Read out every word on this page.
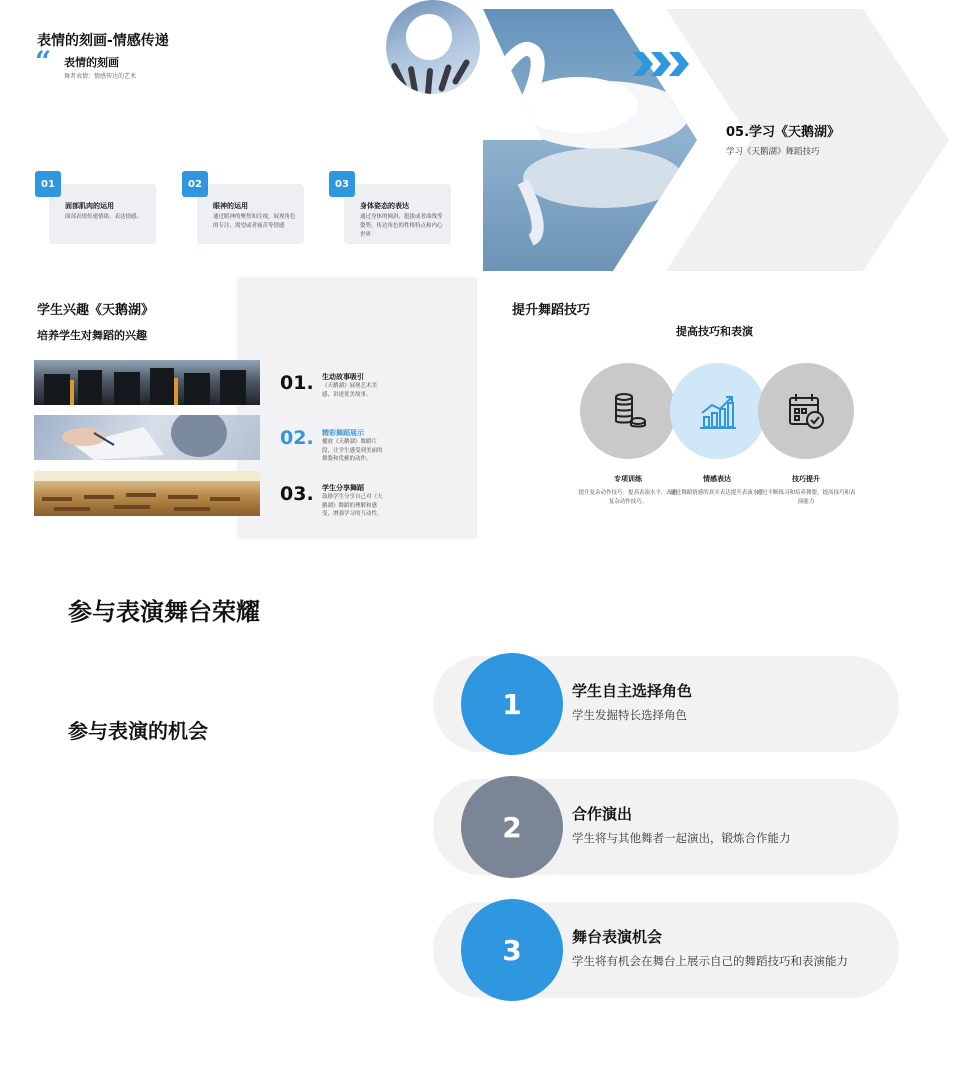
表情的刻画-情感传递
“ 表情的刻画
舞者表情：情感传达的艺术
面部肌肉的运用
面部表情传递情绪、表达情感。
01
眼神的运用
通过眼神的聚焦和注视，展现角色的专注、渴望或者痛苦等情感
02
身体姿态的表达
通过身体的倾斜、挺拔或者曲线等姿势，传达角色的性格特点和内心世界
03
05.学习《天鹅湖》
学习《天鹅湖》舞蹈技巧
学生兴趣《天鹅湖》
培养学生对舞蹈的兴趣
01. 生动故事吸引
《天鹅湖》展现艺术美感，讲述优美故事。
02. 精彩舞蹈展示
播放《天鹅湖》舞蹈片段，让学生感受到美丽的舞姿和优雅的动作。
03. 学生分享舞蹈
鼓励学生分享自己对《天鹅湖》舞蹈的理解和感受，增强学习的互动性。
提升舞蹈技巧
提高技巧和表演
专项训练
提升复杂动作技巧：提高表演水平，改进复杂动作技巧。
情感表达
通过舞蹈情感的真实表达提升表演水平
技巧提升
通过不断练习和培养舞姿，提高技巧和表演能力
参与表演舞台荣耀
参与表演的机会
1	学生自主选择角色
学生发掘特长选择角色
2	合作演出
学生将与其他舞者一起演出，锻炼合作能力
3	舞台表演机会
学生将有机会在舞台上展示自己的舞蹈技巧和表演能力
